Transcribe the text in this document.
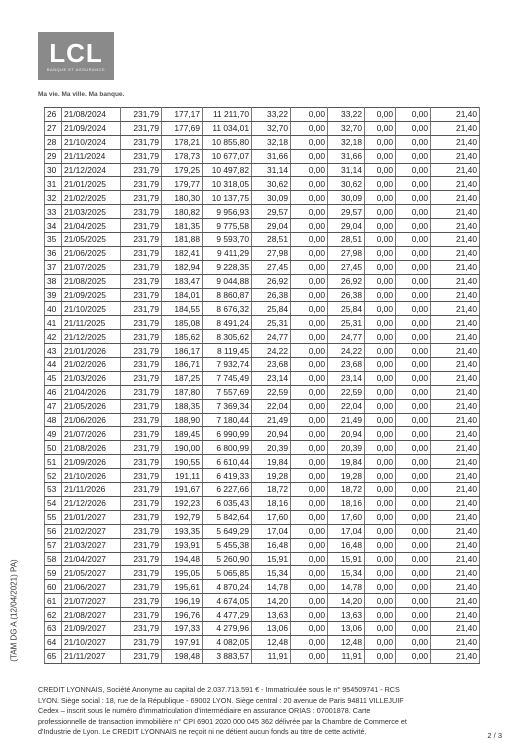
LCL
BANQUE ET ASSURANCE
Ma vie. Ma ville. Ma banque.
(TAM DG A (12/04/2021) PA)
26	21/08/2024	231,79	177,17	11 211,70	33,22	0,00	33,22	0,00	0,00	21,40
27	21/09/2024	231,79	177,69	11 034,01	32,70	0,00	32,70	0,00	0,00	21,40
28	21/10/2024	231,79	178,21	10 855,80	32,18	0,00	32,18	0,00	0,00	21,40
29	21/11/2024	231,79	178,73	10 677,07	31,66	0,00	31,66	0,00	0,00	21,40
30	21/12/2024	231,79	179,25	10 497,82	31,14	0,00	31,14	0,00	0,00	21,40
31	21/01/2025	231,79	179,77	10 318,05	30,62	0,00	30,62	0,00	0,00	21,40
32	21/02/2025	231,79	180,30	10 137,75	30,09	0,00	30,09	0,00	0,00	21,40
33	21/03/2025	231,79	180,82	9 956,93	29,57	0,00	29,57	0,00	0,00	21,40
34	21/04/2025	231,79	181,35	9 775,58	29,04	0,00	29,04	0,00	0,00	21,40
35	21/05/2025	231,79	181,88	9 593,70	28,51	0,00	28,51	0,00	0,00	21,40
36	21/06/2025	231,79	182,41	9 411,29	27,98	0,00	27,98	0,00	0,00	21,40
37	21/07/2025	231,79	182,94	9 228,35	27,45	0,00	27,45	0,00	0,00	21,40
38	21/08/2025	231,79	183,47	9 044,88	26,92	0,00	26,92	0,00	0,00	21,40
39	21/09/2025	231,79	184,01	8 860,87	26,38	0,00	26,38	0,00	0,00	21,40
40	21/10/2025	231,79	184,55	8 676,32	25,84	0,00	25,84	0,00	0,00	21,40
41	21/11/2025	231,79	185,08	8 491,24	25,31	0,00	25,31	0,00	0,00	21,40
42	21/12/2025	231,79	185,62	8 305,62	24,77	0,00	24,77	0,00	0,00	21,40
43	21/01/2026	231,79	186,17	8 119,45	24,22	0,00	24,22	0,00	0,00	21,40
44	21/02/2026	231,79	186,71	7 932,74	23,68	0,00	23,68	0,00	0,00	21,40
45	21/03/2026	231,79	187,25	7 745,49	23,14	0,00	23,14	0,00	0,00	21,40
46	21/04/2026	231,79	187,80	7 557,69	22,59	0,00	22,59	0,00	0,00	21,40
47	21/05/2026	231,79	188,35	7 369,34	22,04	0,00	22,04	0,00	0,00	21,40
48	21/06/2026	231,79	188,90	7 180,44	21,49	0,00	21,49	0,00	0,00	21,40
49	21/07/2026	231,79	189,45	6 990,99	20,94	0,00	20,94	0,00	0,00	21,40
50	21/08/2026	231,79	190,00	6 800,99	20,39	0,00	20,39	0,00	0,00	21,40
51	21/09/2026	231,79	190,55	6 610,44	19,84	0,00	19,84	0,00	0,00	21,40
52	21/10/2026	231,79	191,11	6 419,33	19,28	0,00	19,28	0,00	0,00	21,40
53	21/11/2026	231,79	191,67	6 227,66	18,72	0,00	18,72	0,00	0,00	21,40
54	21/12/2026	231,79	192,23	6 035,43	18,16	0,00	18,16	0,00	0,00	21,40
55	21/01/2027	231,79	192,79	5 842,64	17,60	0,00	17,60	0,00	0,00	21,40
56	21/02/2027	231,79	193,35	5 649,29	17,04	0,00	17,04	0,00	0,00	21,40
57	21/03/2027	231,79	193,91	5 455,38	16,48	0,00	16,48	0,00	0,00	21,40
58	21/04/2027	231,79	194,48	5 260,90	15,91	0,00	15,91	0,00	0,00	21,40
59	21/05/2027	231,79	195,05	5 065,85	15,34	0,00	15,34	0,00	0,00	21,40
60	21/06/2027	231,79	195,61	4 870,24	14,78	0,00	14,78	0,00	0,00	21,40
61	21/07/2027	231,79	196,19	4 674,05	14,20	0,00	14,20	0,00	0,00	21,40
62	21/08/2027	231,79	196,76	4 477,29	13,63	0,00	13,63	0,00	0,00	21,40
63	21/09/2027	231,79	197,33	4 279,96	13,06	0,00	13,06	0,00	0,00	21,40
64	21/10/2027	231,79	197,91	4 082,05	12,48	0,00	12,48	0,00	0,00	21,40
65	21/11/2027	231,79	198,48	3 883,57	11,91	0,00	11,91	0,00	0,00	21,40
CREDIT LYONNAIS, Société Anonyme au capital de 2.037.713.591 € - Immatriculée sous le n° 954509741 - RCS
LYON. Siège social : 18, rue de la République - 69002 LYON. Siège central : 20 avenue de Paris 94811 VILLEJUIF
Cedex – inscrit sous le numéro d'immatriculation d'intermédiaire en assurance ORIAS : 07001878. Carte
professionnelle de transaction immobilière n° CPI 6901 2020 000 045 362 délivrée par la Chambre de Commerce et
d'Industrie de Lyon. Le CREDIT LYONNAIS ne reçoit ni ne détient aucun fonds au titre de cette activité.	2 / 3
